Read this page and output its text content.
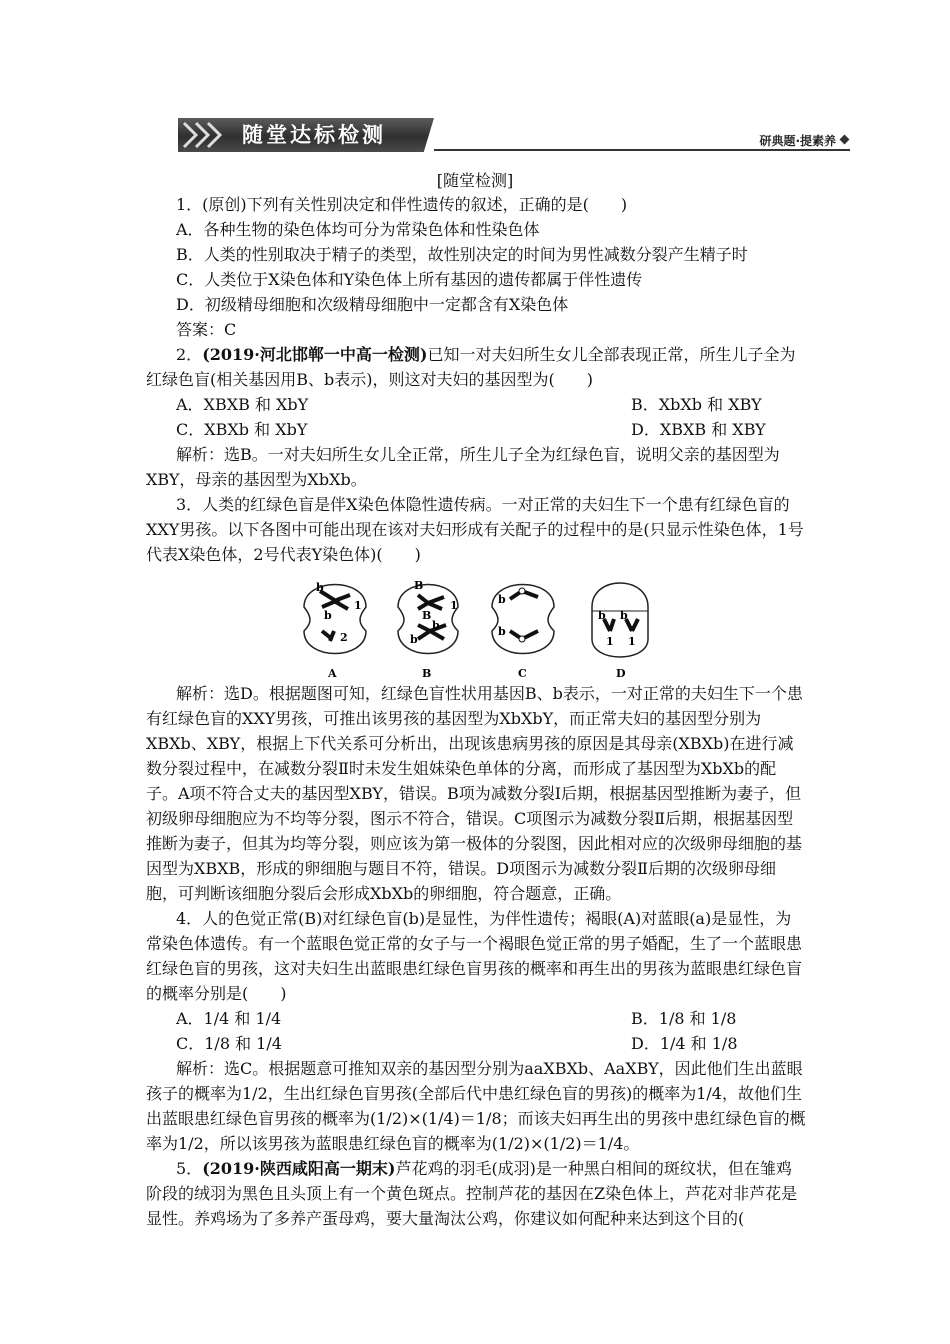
随堂达标检测	研典题·提素养
[随堂检测]

1．(原创)下列有关性别决定和伴性遗传的叙述，正确的是(　　)

A．各种生物的染色体均可分为常染色体和性染色体

B．人类的性别取决于精子的类型，故性别决定的时间为男性减数分裂产生精子时

C．人类位于X染色体和Y染色体上所有基因的遗传都属于伴性遗传

D．初级精母细胞和次级精母细胞中一定都含有X染色体

答案：C

2．(2019·河北邯郸一中高一检测)已知一对夫妇所生女儿全部表现正常，所生儿子全为红绿色盲(相关基因用B、b表示)，则这对夫妇的基因型为(　　)

A．XBXB 和 XbY	B．XbXb 和 XBY
C．XBXb 和 XbY	D．XBXB 和 XBY

解析：选B。一对夫妇所生女儿全正常，所生儿子全为红绿色盲，说明父亲的基因型为XBY，母亲的基因型为XbXb。

3．人类的红绿色盲是伴X染色体隐性遗传病。一对正常的夫妇生下一个患有红绿色盲的XXY男孩。以下各图中可能出现在该对夫妇形成有关配子的过程中的是(只显示性染色体，1号代表X染色体，2号代表Y染色体)(　　)

b
b
1
2
A
B
B
b
b
1
B
b
b
C
b b
1 1
D

解析：选D。根据题图可知，红绿色盲性状用基因B、b表示，一对正常的夫妇生下一个患有红绿色盲的XXY男孩，可推出该男孩的基因型为XbXbY，而正常夫妇的基因型分别为XBXb、XBY，根据上下代关系可分析出，出现该患病男孩的原因是其母亲(XBXb)在进行减数分裂过程中，在减数分裂Ⅱ时未发生姐妹染色单体的分离，而形成了基因型为XbXb的配子。A项不符合丈夫的基因型XBY，错误。B项为减数分裂Ⅰ后期，根据基因型推断为妻子，但初级卵母细胞应为不均等分裂，图示不符合，错误。C项图示为减数分裂Ⅱ后期，根据基因型推断为妻子，但其为均等分裂，则应该为第一极体的分裂图，因此相对应的次级卵母细胞的基因型为XBXB，形成的卵细胞与题目不符，错误。D项图示为减数分裂Ⅱ后期的次级卵母细胞，可判断该细胞分裂后会形成XbXb的卵细胞，符合题意，正确。

4．人的色觉正常(B)对红绿色盲(b)是显性，为伴性遗传；褐眼(A)对蓝眼(a)是显性，为常染色体遗传。有一个蓝眼色觉正常的女子与一个褐眼色觉正常的男子婚配，生了一个蓝眼患红绿色盲的男孩，这对夫妇生出蓝眼患红绿色盲男孩的概率和再生出的男孩为蓝眼患红绿色盲的概率分别是(　　)

A．1/4 和 1/4	B．1/8 和 1/8
C．1/8 和 1/4	D．1/4 和 1/8

解析：选C。根据题意可推知双亲的基因型分别为aaXBXb、AaXBY，因此他们生出蓝眼孩子的概率为1/2，生出红绿色盲男孩(全部后代中患红绿色盲的男孩)的概率为1/4，故他们生出蓝眼患红绿色盲男孩的概率为(1/2)×(1/4)＝1/8；而该夫妇再生出的男孩中患红绿色盲的概率为1/2，所以该男孩为蓝眼患红绿色盲的概率为(1/2)×(1/2)＝1/4。

5．(2019·陕西咸阳高一期末)芦花鸡的羽毛(成羽)是一种黑白相间的斑纹状，但在雏鸡阶段的绒羽为黑色且头顶上有一个黄色斑点。控制芦花的基因在Z染色体上，芦花对非芦花是显性。养鸡场为了多养产蛋母鸡，要大量淘汰公鸡，你建议如何配种来达到这个目的(
